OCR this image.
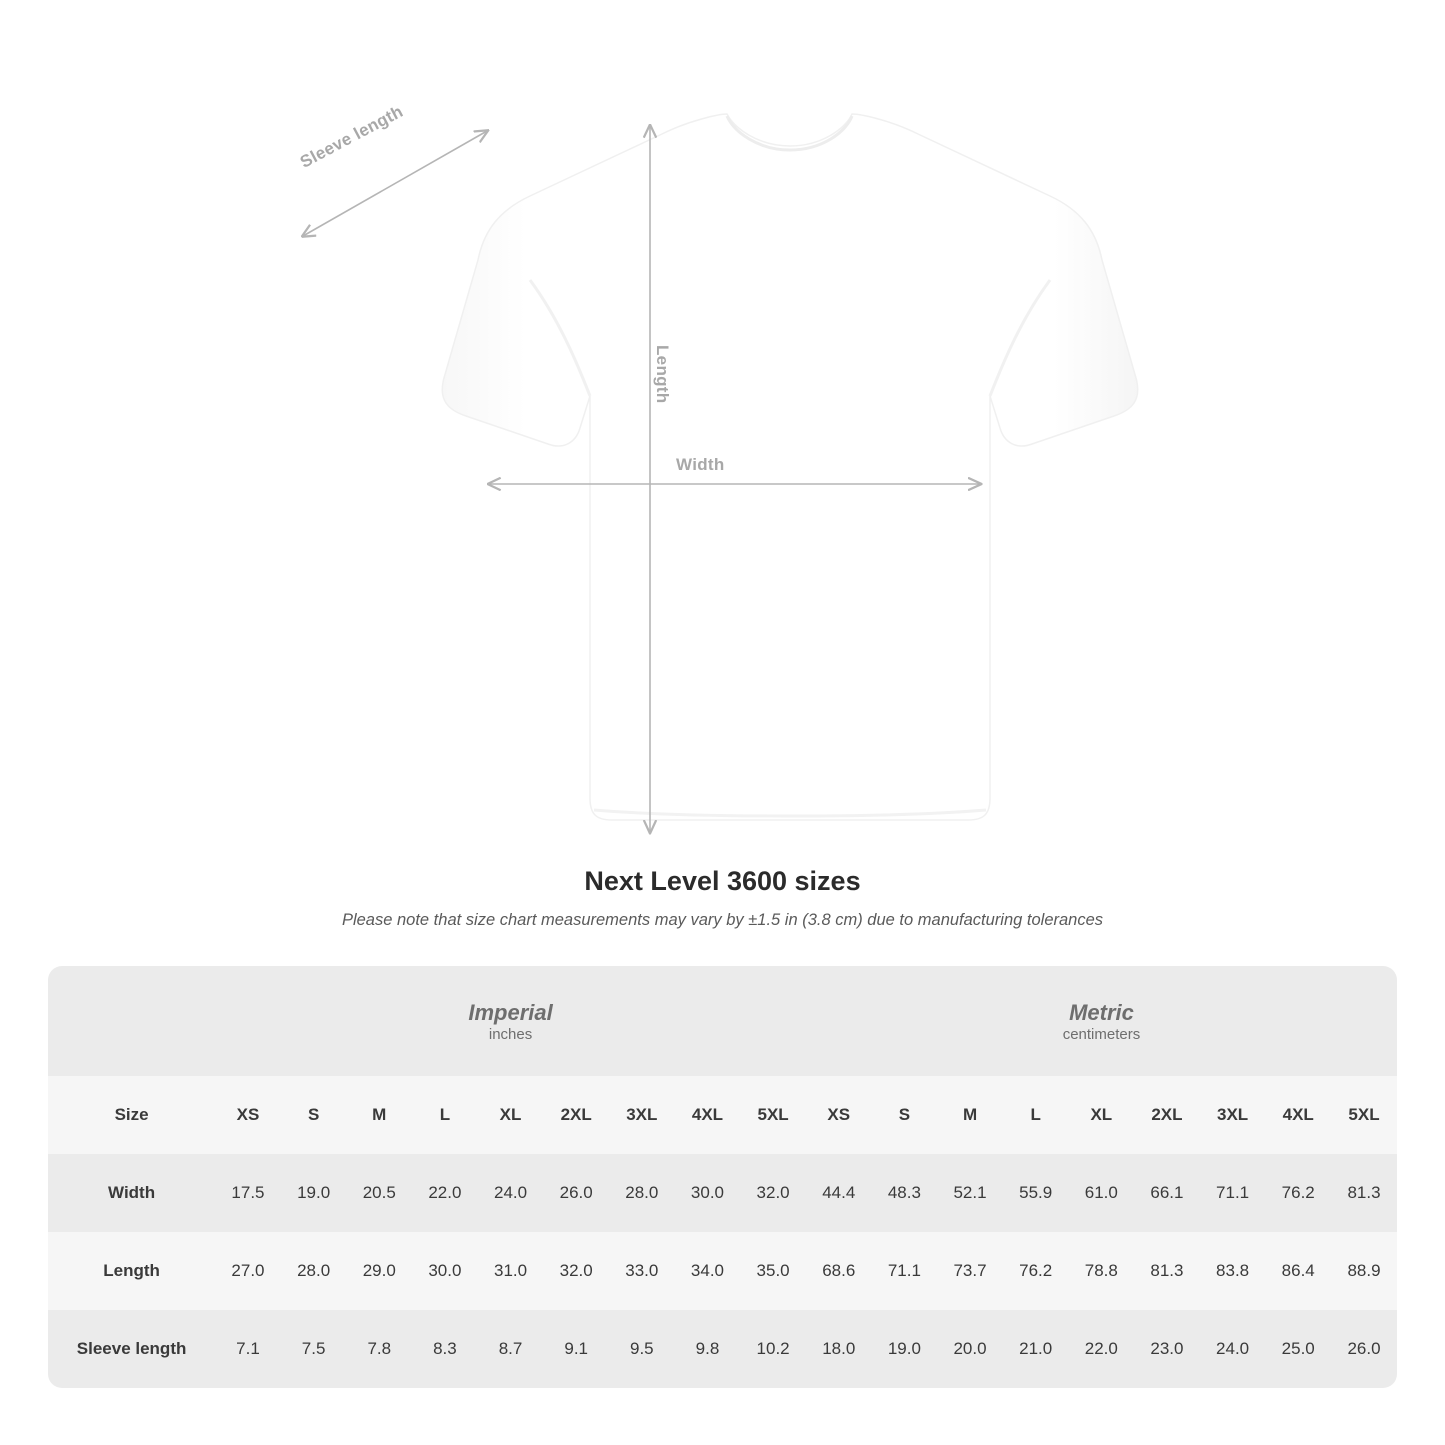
Sleeve length
Length
Width
Next Level 3600 sizes
Please note that size chart measurements may vary by ±1.5 in (3.8 cm) due to manufacturing tolerances

Imperial
inches

Metric
centimeters

Size	XS	S	M	L	XL	2XL	3XL	4XL	5XL	XS	S	M	L	XL	2XL	3XL	4XL	5XL
Width	17.5	19.0	20.5	22.0	24.0	26.0	28.0	30.0	32.0	44.4	48.3	52.1	55.9	61.0	66.1	71.1	76.2	81.3
Length	27.0	28.0	29.0	30.0	31.0	32.0	33.0	34.0	35.0	68.6	71.1	73.7	76.2	78.8	81.3	83.8	86.4	88.9
Sleeve length	7.1	7.5	7.8	8.3	8.7	9.1	9.5	9.8	10.2	18.0	19.0	20.0	21.0	22.0	23.0	24.0	25.0	26.0
